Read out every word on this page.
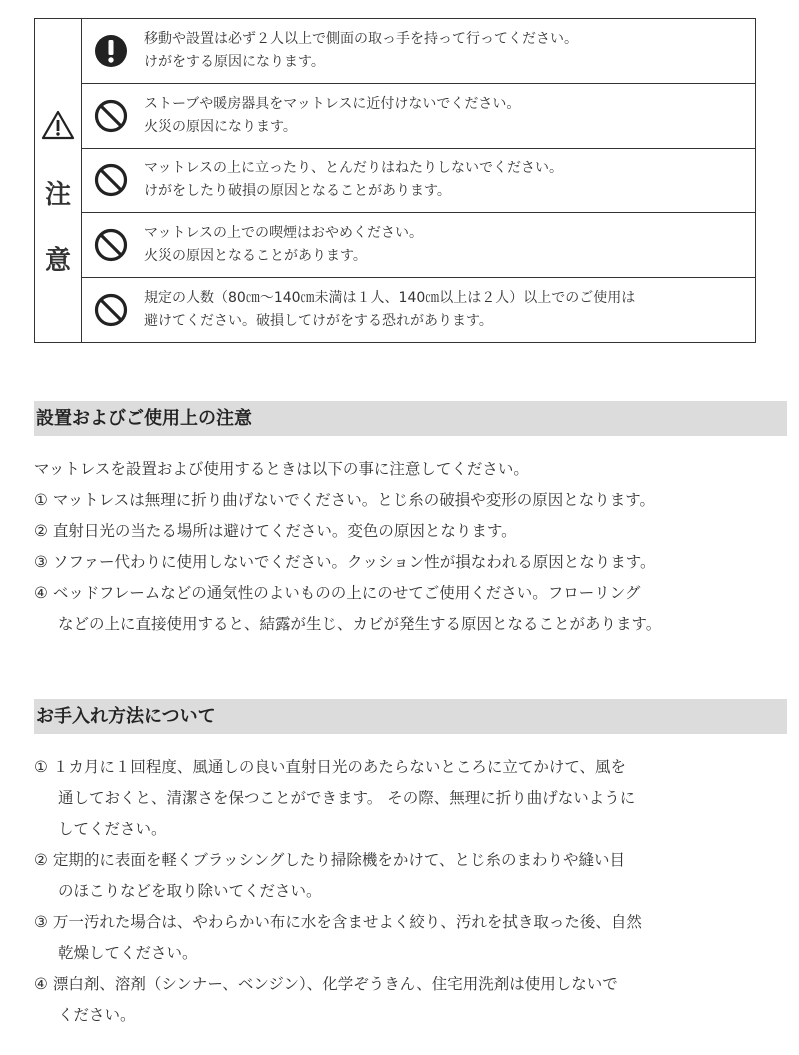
注
意
移動や設置は必ず２人以上で側面の取っ手を持って行ってください。
けがをする原因になります。
ストーブや暖房器具をマットレスに近付けないでください。
火災の原因になります。
マットレスの上に立ったり、とんだりはねたりしないでください。
けがをしたり破損の原因となることがあります。
マットレスの上での喫煙はおやめください。
火災の原因となることがあります。
規定の人数（80㎝〜140㎝未満は１人、140㎝以上は２人）以上でのご使用は
避けてください。破損してけがをする恐れがあります。
設置およびご使用上の注意
マットレスを設置および使用するときは以下の事に注意してください。
① マットレスは無理に折り曲げないでください。とじ糸の破損や変形の原因となります。
② 直射日光の当たる場所は避けてください。変色の原因となります。
③ ソファー代わりに使用しないでください。クッション性が損なわれる原因となります。
④ ベッドフレームなどの通気性のよいものの上にのせてご使用ください。フローリング
などの上に直接使用すると、結露が生じ、カビが発生する原因となることがあります。
お手入れ方法について
① １カ月に１回程度、風通しの良い直射日光のあたらないところに立てかけて、風を
通しておくと、清潔さを保つことができます。 その際、無理に折り曲げないように
してください。
② 定期的に表面を軽くブラッシングしたり掃除機をかけて、とじ糸のまわりや縫い目
のほこりなどを取り除いてください。
③ 万一汚れた場合は、やわらかい布に水を含ませよく絞り、汚れを拭き取った後、自然
乾燥してください。
④ 漂白剤、溶剤（シンナー、ベンジン）、化学ぞうきん、住宅用洗剤は使用しないで
ください。
